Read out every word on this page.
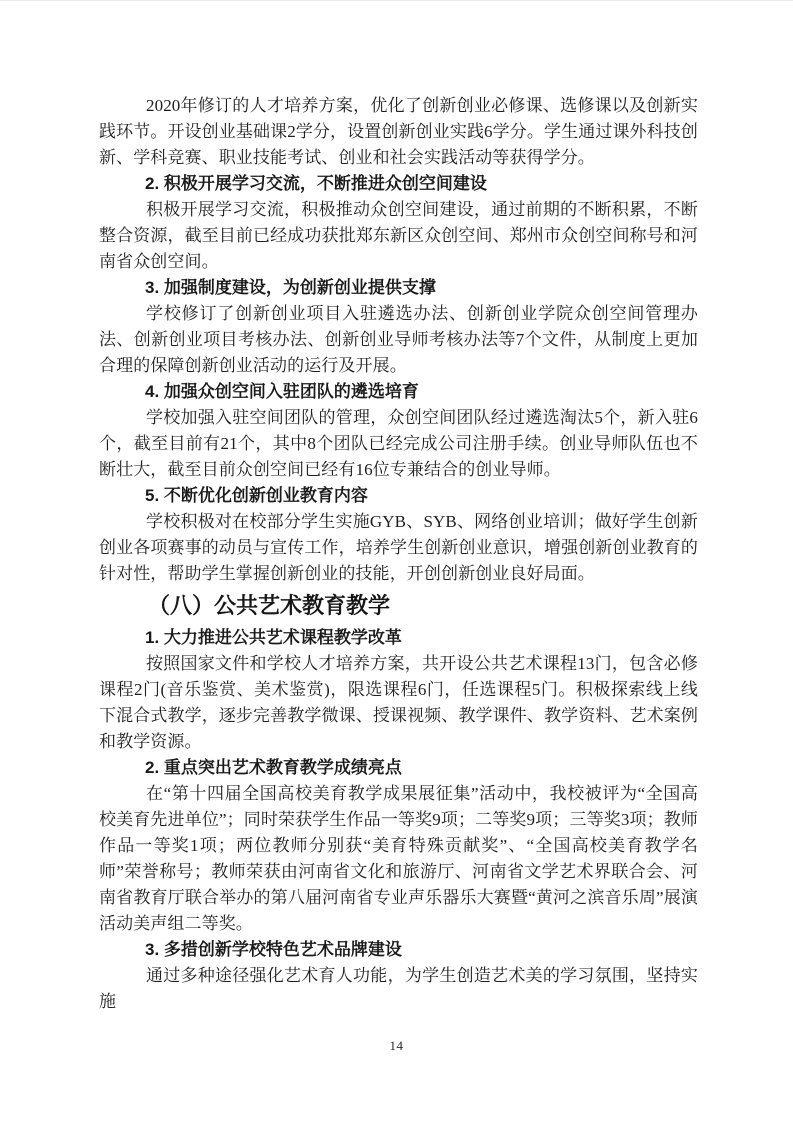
2020年修订的人才培养方案，优化了创新创业必修课、选修课以及创新实践环节。开设创业基础课2学分，设置创新创业实践6学分。学生通过课外科技创新、学科竞赛、职业技能考试、创业和社会实践活动等获得学分。

2. 积极开展学习交流，不断推进众创空间建设

积极开展学习交流，积极推动众创空间建设，通过前期的不断积累，不断整合资源，截至目前已经成功获批郑东新区众创空间、郑州市众创空间称号和河南省众创空间。

3. 加强制度建设，为创新创业提供支撑

学校修订了创新创业项目入驻遴选办法、创新创业学院众创空间管理办法、创新创业项目考核办法、创新创业导师考核办法等7个文件，从制度上更加合理的保障创新创业活动的运行及开展。

4. 加强众创空间入驻团队的遴选培育

学校加强入驻空间团队的管理，众创空间团队经过遴选淘汰5个，新入驻6个，截至目前有21个，其中8个团队已经完成公司注册手续。创业导师队伍也不断壮大，截至目前众创空间已经有16位专兼结合的创业导师。

5. 不断优化创新创业教育内容

学校积极对在校部分学生实施GYB、SYB、网络创业培训；做好学生创新创业各项赛事的动员与宣传工作，培养学生创新创业意识，增强创新创业教育的针对性，帮助学生掌握创新创业的技能，开创创新创业良好局面。

（八）公共艺术教育教学
1. 大力推进公共艺术课程教学改革

按照国家文件和学校人才培养方案，共开设公共艺术课程13门，包含必修课程2门(音乐鉴赏、美术鉴赏)，限选课程6门，任选课程5门。积极探索线上线下混合式教学，逐步完善教学微课、授课视频、教学课件、教学资料、艺术案例和教学资源。

2. 重点突出艺术教育教学成绩亮点

在“第十四届全国高校美育教学成果展征集”活动中，我校被评为“全国高校美育先进单位”；同时荣获学生作品一等奖9项；二等奖9项；三等奖3项；教师作品一等奖1项；两位教师分别获“美育特殊贡献奖”、“全国高校美育教学名师”荣誉称号；教师荣获由河南省文化和旅游厅、河南省文学艺术界联合会、河南省教育厅联合举办的第八届河南省专业声乐器乐大赛暨“黄河之滨音乐周”展演活动美声组二等奖。

3. 多措创新学校特色艺术品牌建设

通过多种途径强化艺术育人功能，为学生创造艺术美的学习氛围，坚持实施

14
